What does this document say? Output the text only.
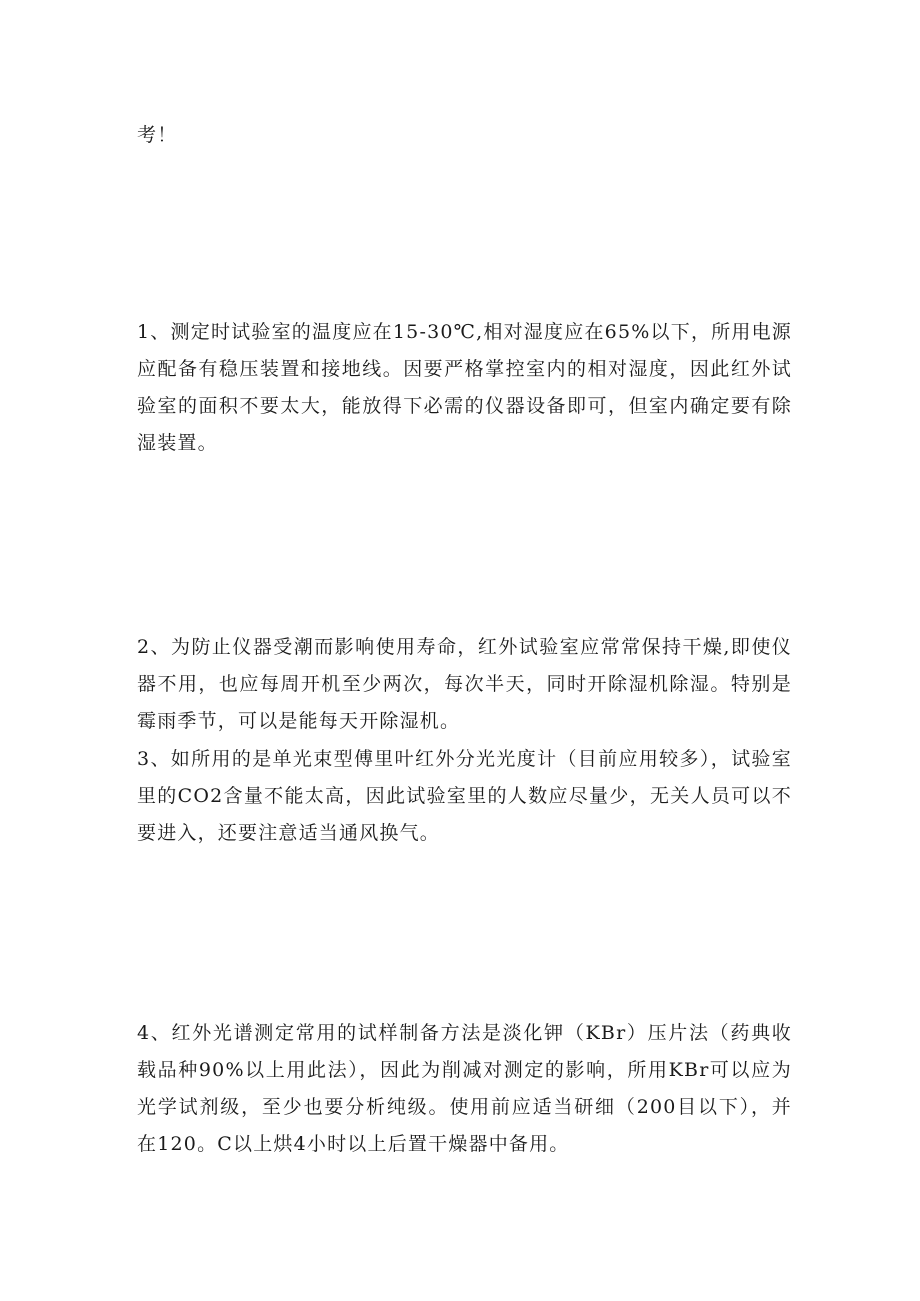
考！

1、测定时试验室的温度应在15-30℃,相对湿度应在65%以下，所用电源应配备有稳压装置和接地线。因要严格掌控室内的相对湿度，因此红外试验室的面积不要太大，能放得下必需的仪器设备即可，但室内确定要有除湿装置。

2、为防止仪器受潮而影响使用寿命，红外试验室应常常保持干燥,即使仪器不用，也应每周开机至少两次，每次半天，同时开除湿机除湿。特别是霉雨季节，可以是能每天开除湿机。

3、如所用的是单光束型傅里叶红外分光光度计（目前应用较多），试验室里的CO2含量不能太高，因此试验室里的人数应尽量少，无关人员可以不要进入，还要注意适当通风换气。

4、红外光谱测定常用的试样制备方法是淡化钾（KBr）压片法（药典收载品种90%以上用此法），因此为削减对测定的影响，所用KBr可以应为光学试剂级，至少也要分析纯级。使用前应适当研细（200目以下），并在120。C以上烘4小时以上后置干燥器中备用。
